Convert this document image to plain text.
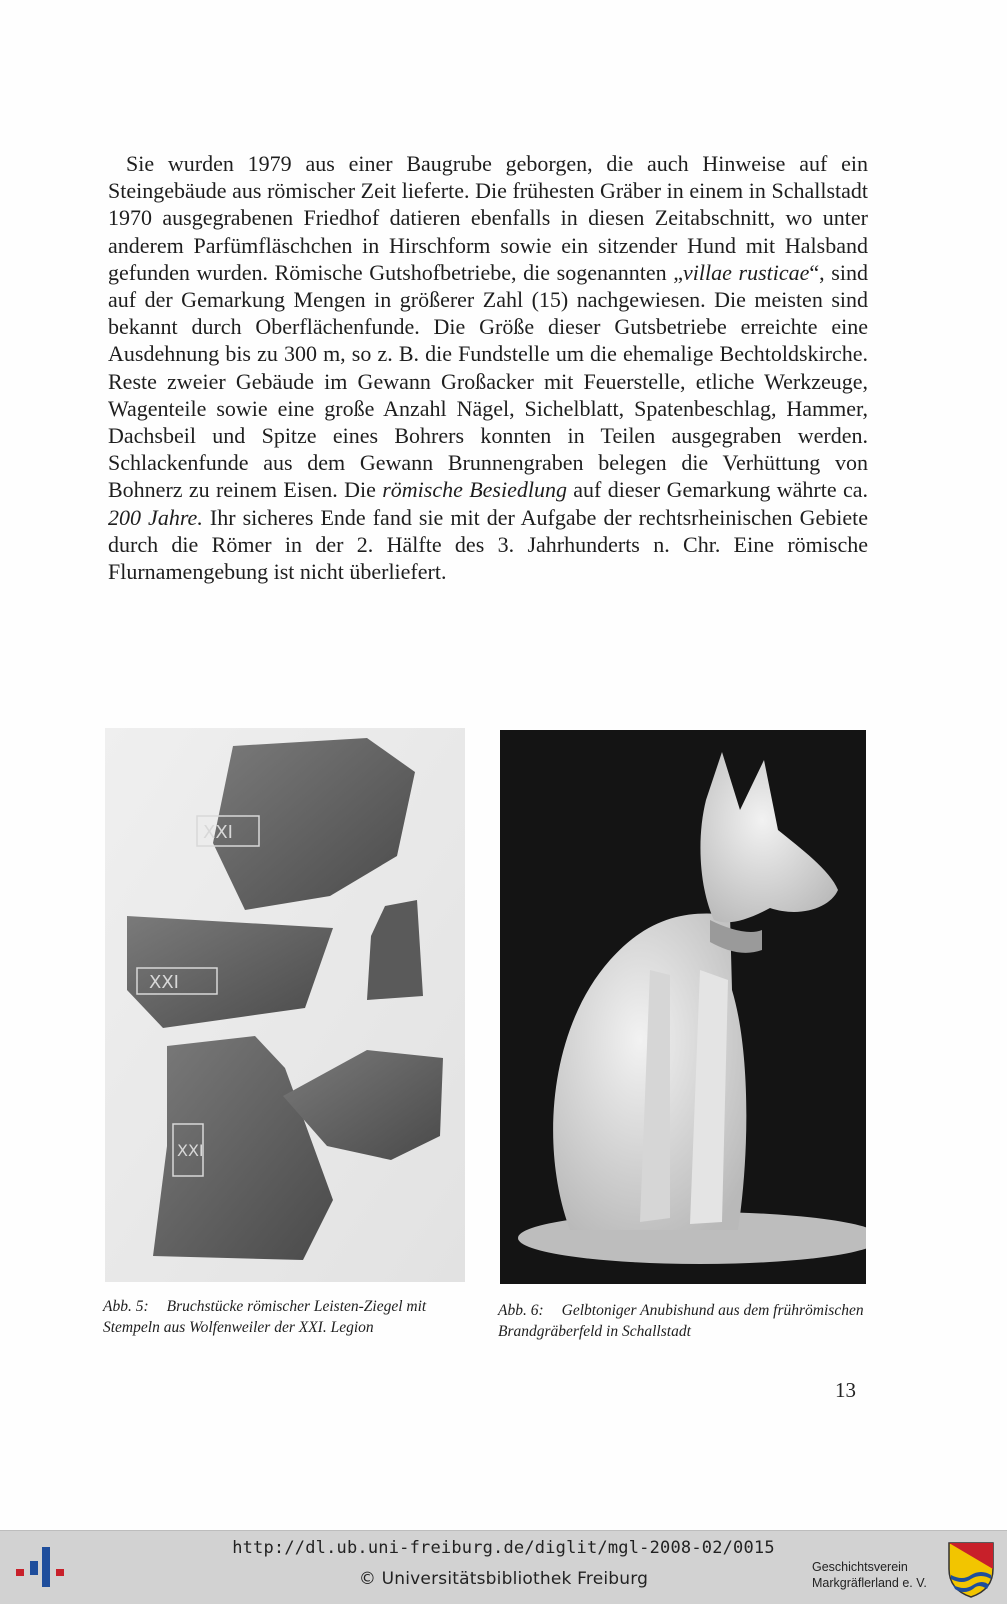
Sie wurden 1979 aus einer Baugrube geborgen, die auch Hinweise auf ein Steingebäude aus römischer Zeit lieferte. Die frühesten Gräber in einem in Schallstadt 1970 ausgegrabenen Friedhof datieren ebenfalls in diesen Zeitabschnitt, wo unter anderem Parfümfläschchen in Hirschform sowie ein sitzender Hund mit Halsband gefunden wurden. Römische Gutshofbetriebe, die sogenannten „villae rusticae“, sind auf der Gemarkung Mengen in größerer Zahl (15) nachgewiesen. Die meisten sind bekannt durch Oberflächenfunde. Die Größe dieser Gutsbetriebe erreichte eine Ausdehnung bis zu 300 m, so z. B. die Fundstelle um die ehemalige Bechtoldskirche. Reste zweier Gebäude im Gewann Großacker mit Feuerstelle, etliche Werkzeuge, Wagenteile sowie eine große Anzahl Nägel, Sichelblatt, Spatenbeschlag, Hammer, Dachsbeil und Spitze eines Bohrers konnten in Teilen ausgegraben werden. Schlackenfunde aus dem Gewann Brunnengraben belegen die Verhüttung von Bohnerz zu reinem Eisen. Die römische Besiedlung auf dieser Gemarkung währte ca. 200 Jahre. Ihr sicheres Ende fand sie mit der Aufgabe der rechtsrheinischen Gebiete durch die Römer in der 2. Hälfte des 3. Jahrhunderts n. Chr. Eine römische Flurnamengebung ist nicht überliefert.

XXI
XXI
XXI
Abb. 5: Bruchstücke römischer Leisten-Ziegel mit Stempeln aus Wolfenweiler der XXI. Legion
Abb. 6: Gelbtoniger Anubishund aus dem frührömischen Brandgräberfeld in Schallstadt
13
http://dl.ub.uni-freiburg.de/diglit/mgl-2008-02/0015
© Universitätsbibliothek Freiburg
Geschichtsverein
Markgräflerland e. V.
